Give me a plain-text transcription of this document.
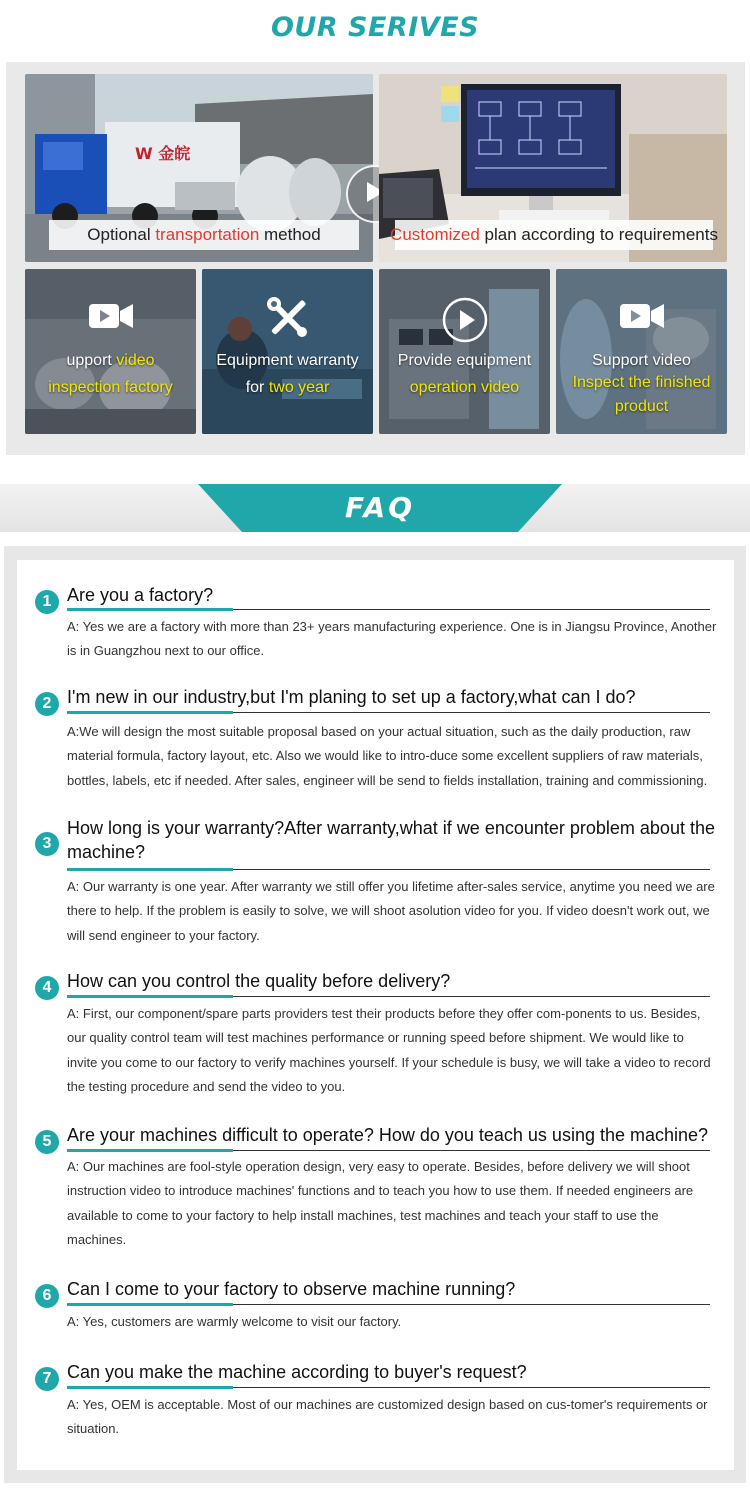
OUR SERIVES
W 金皖
Optional transportation method	Customized plan according to requirements
upport video
inspection factory
Equipment warranty
for two year
Provide equipment
operation video
Support video
Inspect the finished
product
FAQ
1 Are you a factory?
A: Yes we are a factory with more than 23+ years manufacturing experience. One is in Jiangsu Province, Another is in Guangzhou next to our office.
2 I'm new in our industry,but I'm planing to set up a factory,what can I do?
A:We will design the most suitable proposal based on your actual situation, such as the daily production, raw material formula, factory layout, etc. Also we would like to intro-duce some excellent suppliers of raw materials, bottles, labels, etc if needed. After sales, engineer will be send to fields installation, training and commissioning.
3
How long is your warranty?After warranty,what if we encounter problem about the machine?
A: Our warranty is one year. After warranty we still offer you lifetime after-sales service, anytime you need we are there to help. If the problem is easily to solve, we will shoot asolution video for you. If video doesn't work out, we will send engineer to your factory.
4 How can you control the quality before delivery?
A: First, our component/spare parts providers test their products before they offer com-ponents to us. Besides, our quality control team will test machines performance or running speed before shipment. We would like to invite you come to our factory to verify machines yourself. If your schedule is busy, we will take a video to record the testing procedure and send the video to you.
5 Are your machines difficult to operate? How do you teach us using the machine?
A: Our machines are fool-style operation design, very easy to operate. Besides, before delivery we will shoot instruction video to introduce machines' functions and to teach you how to use them. If needed engineers are available to come to your factory to help install machines, test machines and teach your staff to use the machines.
6 Can I come to your factory to observe machine running?
A: Yes, customers are warmly welcome to visit our factory.
7 Can you make the machine according to buyer's request?
A: Yes, OEM is acceptable. Most of our machines are customized design based on cus-tomer's requirements or situation.
